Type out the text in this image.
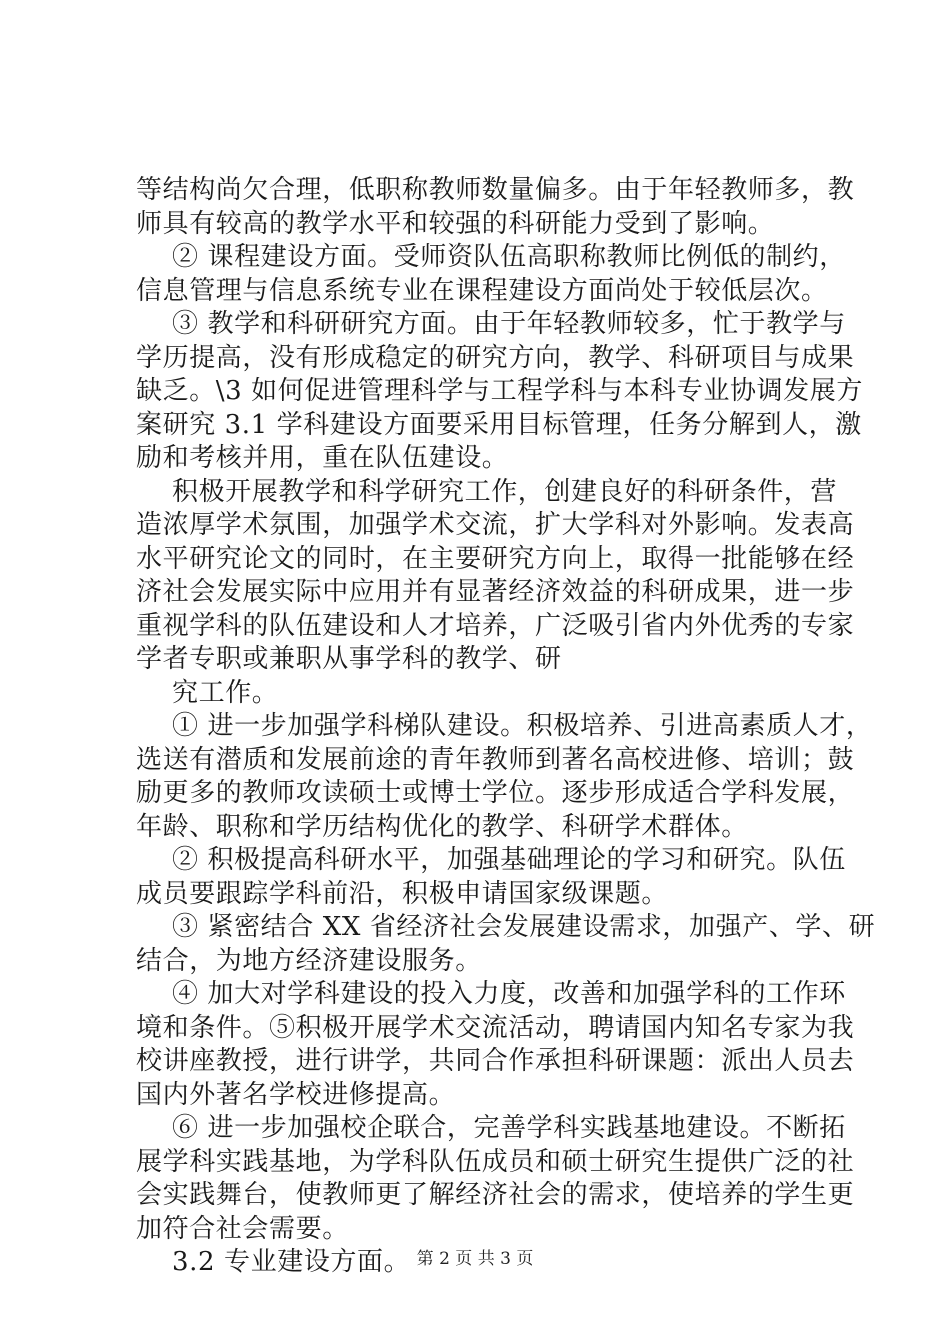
等结构尚欠合理，低职称教师数量偏多。由于年轻教师多，教
师具有较高的教学水平和较强的科研能力受到了影响。
② 课程建设方面。受师资队伍高职称教师比例低的制约，
信息管理与信息系统专业在课程建设方面尚处于较低层次。
③ 教学和科研研究方面。由于年轻教师较多，忙于教学与
学历提高，没有形成稳定的研究方向，教学、科研项目与成果
缺乏。\3 如何促进管理科学与工程学科与本科专业协调发展方
案研究 3.1 学科建设方面要采用目标管理，任务分解到人，激
励和考核并用，重在队伍建设。
积极开展教学和科学研究工作，创建良好的科研条件，营
造浓厚学术氛围，加强学术交流，扩大学科对外影响。发表高
水平研究论文的同时，在主要研究方向上，取得一批能够在经
济社会发展实际中应用并有显著经济效益的科研成果，进一步
重视学科的队伍建设和人才培养，广泛吸引省内外优秀的专家
学者专职或兼职从事学科的教学、研
究工作。
① 进一步加强学科梯队建设。积极培养、引进高素质人才，
选送有潜质和发展前途的青年教师到著名高校进修、培训；鼓
励更多的教师攻读硕士或博士学位。逐步形成适合学科发展，
年龄、职称和学历结构优化的教学、科研学术群体。
② 积极提高科研水平，加强基础理论的学习和研究。队伍
成员要跟踪学科前沿，积极申请国家级课题。
③ 紧密结合 XX 省经济社会发展建设需求，加强产、学、研
结合，为地方经济建设服务。
④ 加大对学科建设的投入力度，改善和加强学科的工作环
境和条件。⑤积极开展学术交流活动，聘请国内知名专家为我
校讲座教授，进行讲学，共同合作承担科研课题：派出人员去
国内外著名学校进修提高。
⑥ 进一步加强校企联合，完善学科实践基地建设。不断拓
展学科实践基地，为学科队伍成员和硕士研究生提供广泛的社
会实践舞台，使教师更了解经济社会的需求，使培养的学生更
加符合社会需要。
3.2 专业建设方面。 第 2 页 共 3 页
